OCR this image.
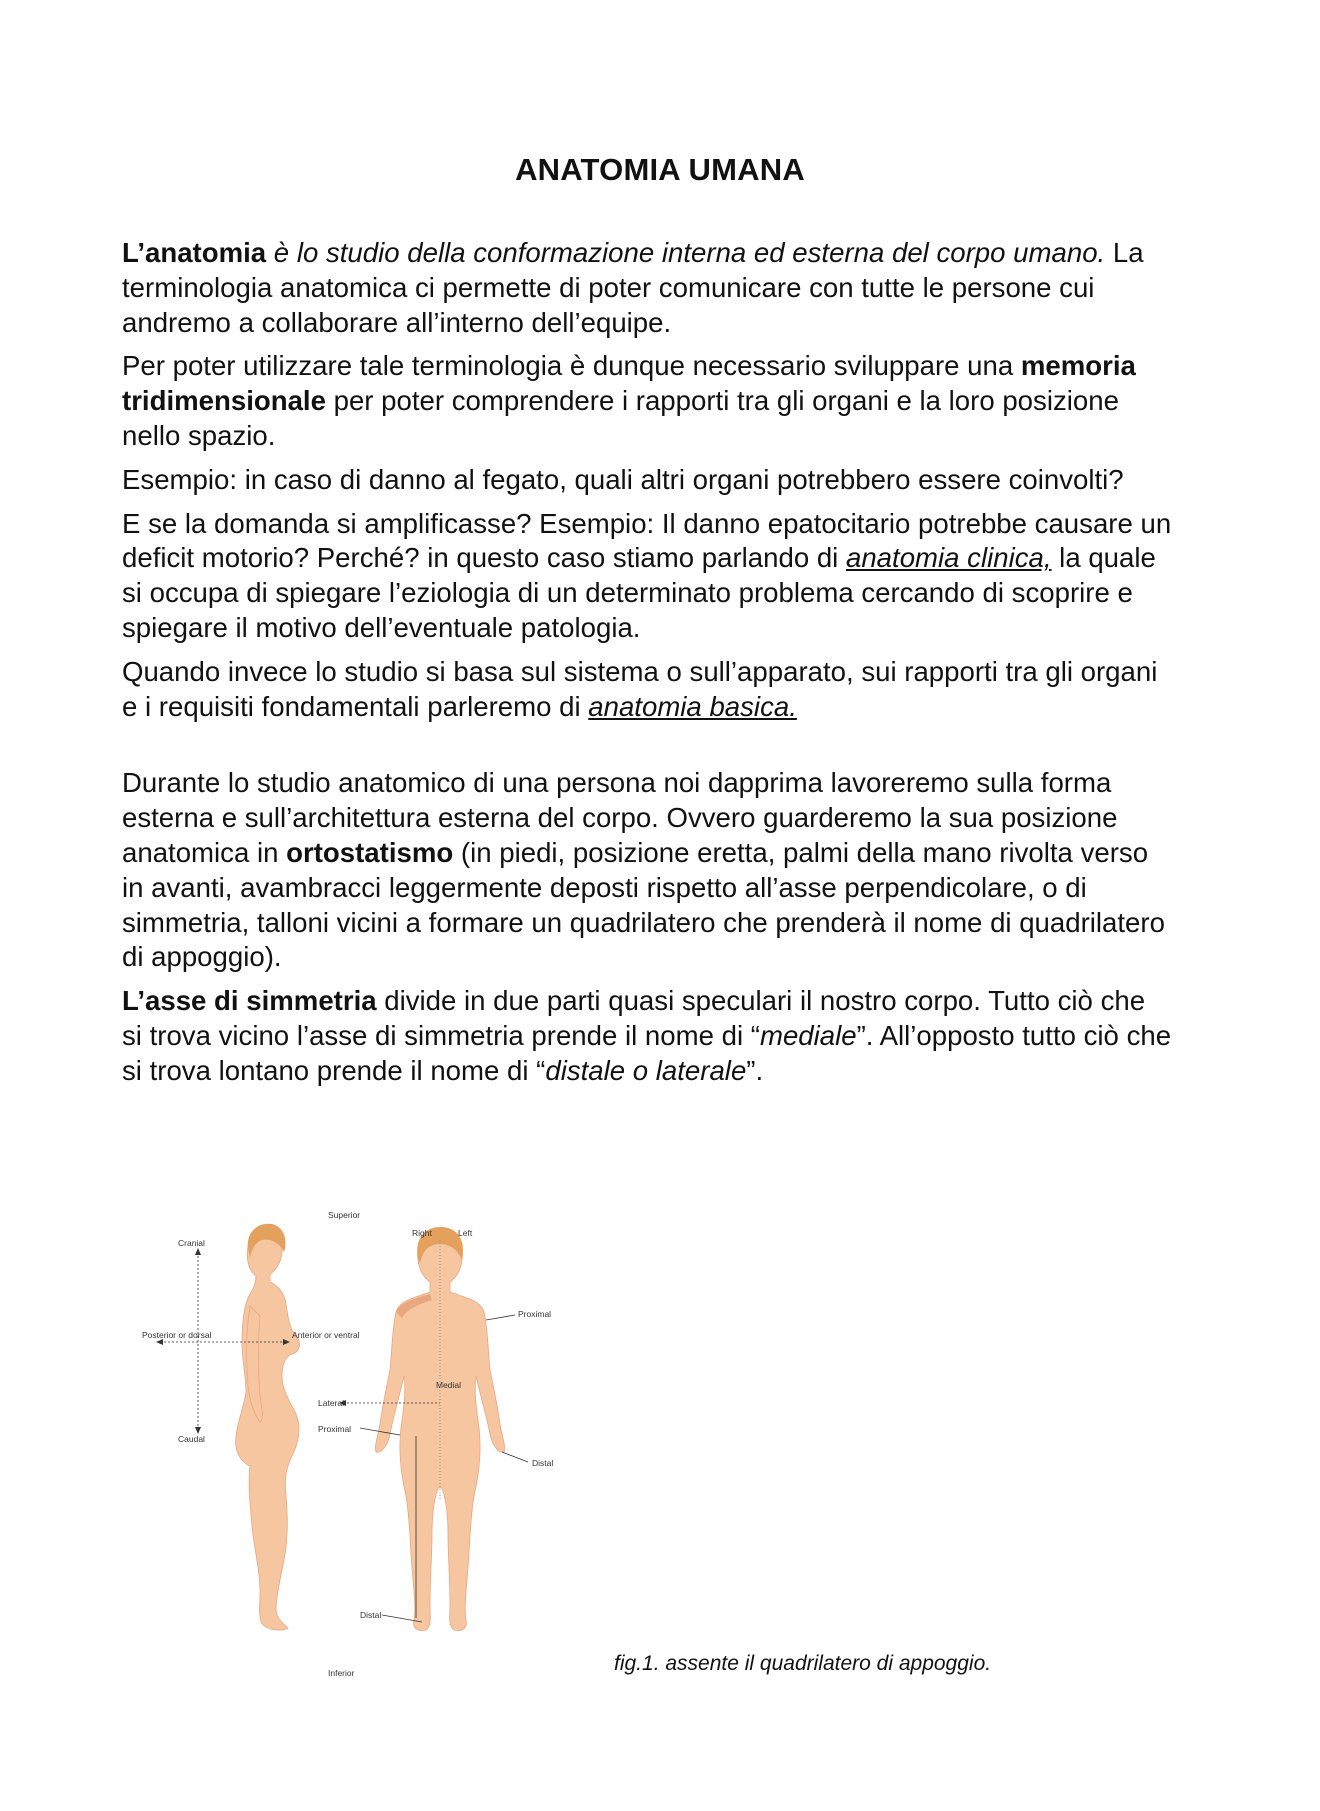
ANATOMIA UMANA

L’anatomia è lo studio della conformazione interna ed esterna del corpo umano. La terminologia anatomica ci permette di poter comunicare con tutte le persone cui andremo a collaborare all’interno dell’equipe.

Per poter utilizzare tale terminologia è dunque necessario sviluppare una memoria tridimensionale per poter comprendere i rapporti tra gli organi e la loro posizione nello spazio.

Esempio: in caso di danno al fegato, quali altri organi potrebbero essere coinvolti?

E se la domanda si amplificasse? Esempio: Il danno epatocitario potrebbe causare un deficit motorio? Perché? in questo caso stiamo parlando di anatomia clinica, la quale si occupa di spiegare l’eziologia di un determinato problema cercando di scoprire e spiegare il motivo dell’eventuale patologia.

Quando invece lo studio si basa sul sistema o sull’apparato, sui rapporti tra gli organi e i requisiti fondamentali parleremo di anatomia basica.

Durante lo studio anatomico di una persona noi dapprima lavoreremo sulla forma esterna e sull’architettura esterna del corpo. Ovvero guarderemo la sua posizione anatomica in ortostatismo (in piedi, posizione eretta, palmi della mano rivolta verso in avanti, avambracci leggermente deposti rispetto all’asse perpendicolare, o di simmetria, talloni vicini a formare un quadrilatero che prenderà il nome di quadrilatero di appoggio).

L’asse di simmetria divide in due parti quasi speculari il nostro corpo. Tutto ciò che si trova vicino l’asse di simmetria prende il nome di “mediale”. All’opposto tutto ciò che si trova lontano prende il nome di “distale o laterale”.

Superior
Inferior
Cranial
Caudal
Posterior or dorsal	Anterior or ventral
Right	Left
Proximal
Medial
Lateral
Proximal
Distal
Distal
fig.1. assente il quadrilatero di appoggio.
